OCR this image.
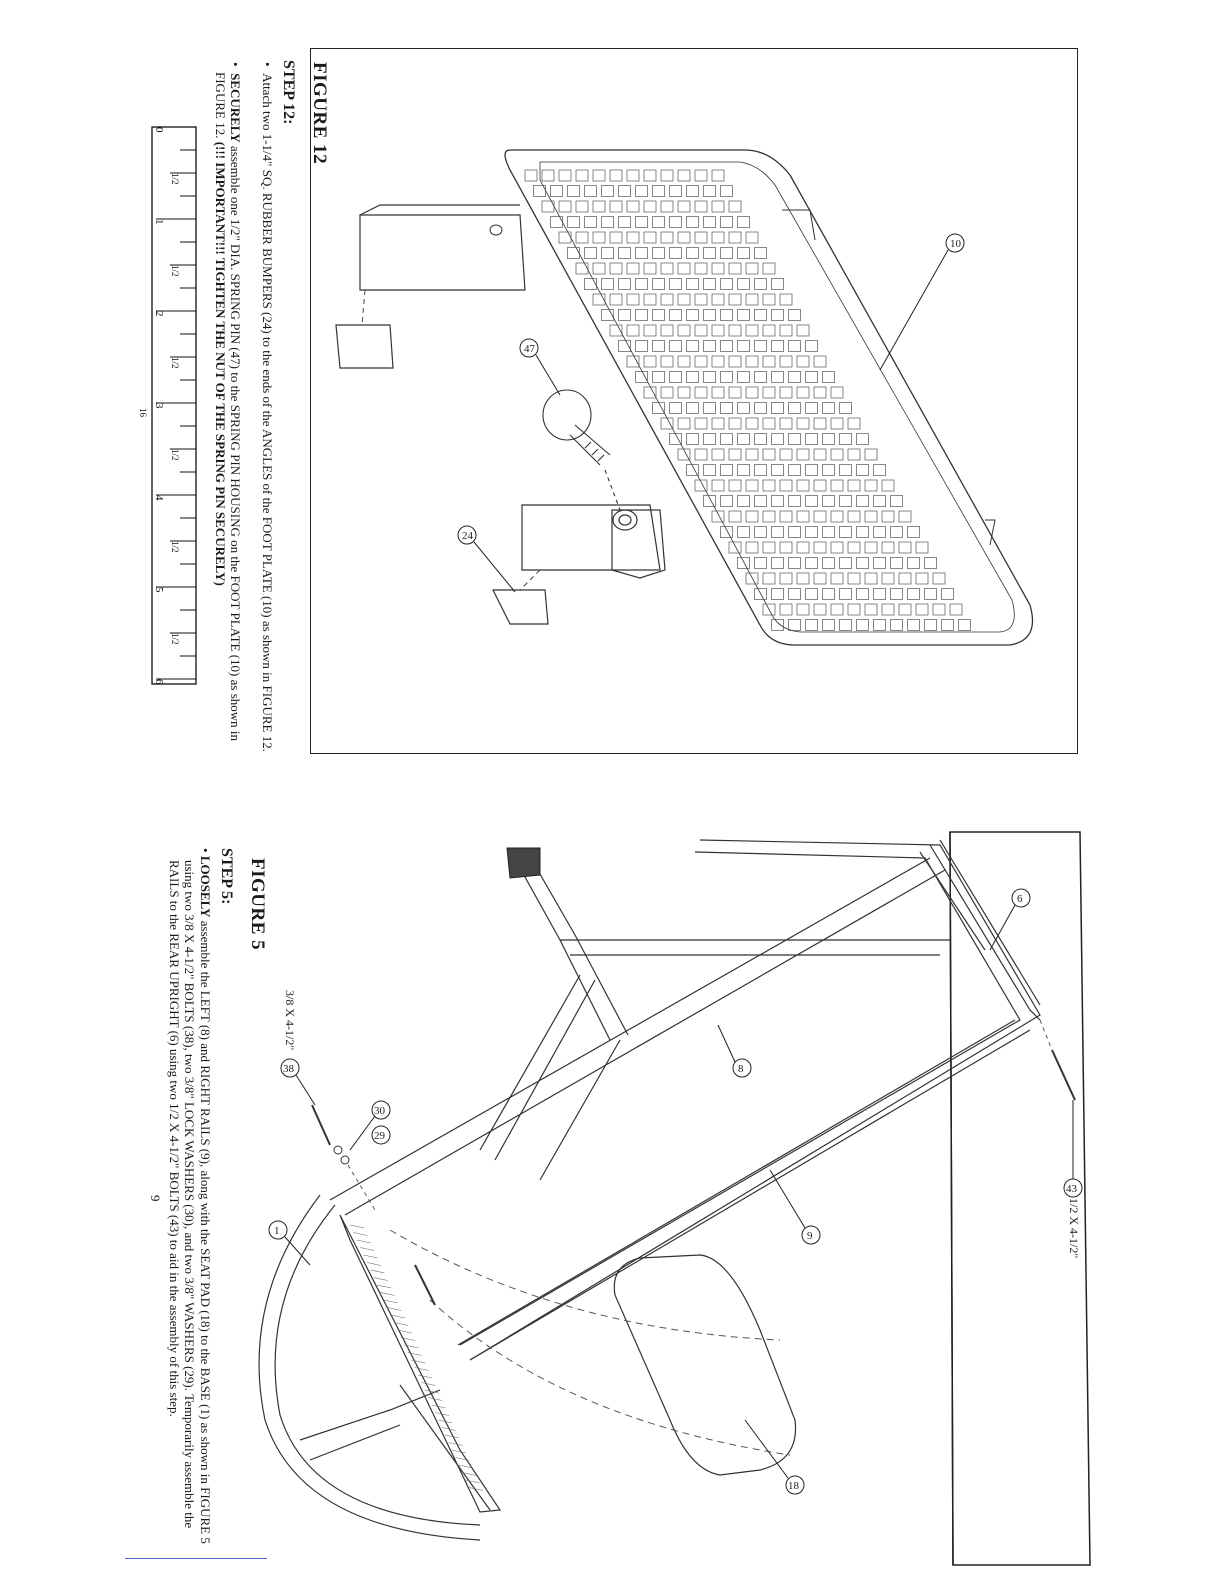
10
47
24
FIGURE 12
STEP 12:
•  Attach two 1-1/4" SQ. RUBBER BUMPERS (24) to the ends of the ANGLES of the FOOT PLATE (10) as shown in FIGURE 12.
•  SECURELY assemble one 1/2" DIA. SPRING PIN (47) to the SPRING PIN HOUSING on the FOOT PLATE (10) as shown in
FIGURE 12. (!!! IMPORTANT!!! TIGHTEN THE NUT OF THE SPRING PIN SECURELY)
0
1/2
1
1/2
2
1/2
3
1/2
4
1/2
5
1/2
6
16
6
8
9
18
1
30
29
38
43
FIGURE 5
STEP 5:
• LOOSELY assemble the LEFT (8) and RIGHT RAILS (9), along with the SEAT PAD (18) to the BASE (1) as shown in FIGURE 5
using two 3/8 X 4-1/2" BOLTS (38), two 3/8" LOCK WASHERS (30), and two 3/8" WASHERS (29). Temporarily assemble the
RAILS to the REAR UPRIGHT (6) using two 1/2 X 4-1/2" BOLTS (43) to aid in the assembly of this step.	3/8 X 4-1/2"
1/2 X 4-1/2"
9
